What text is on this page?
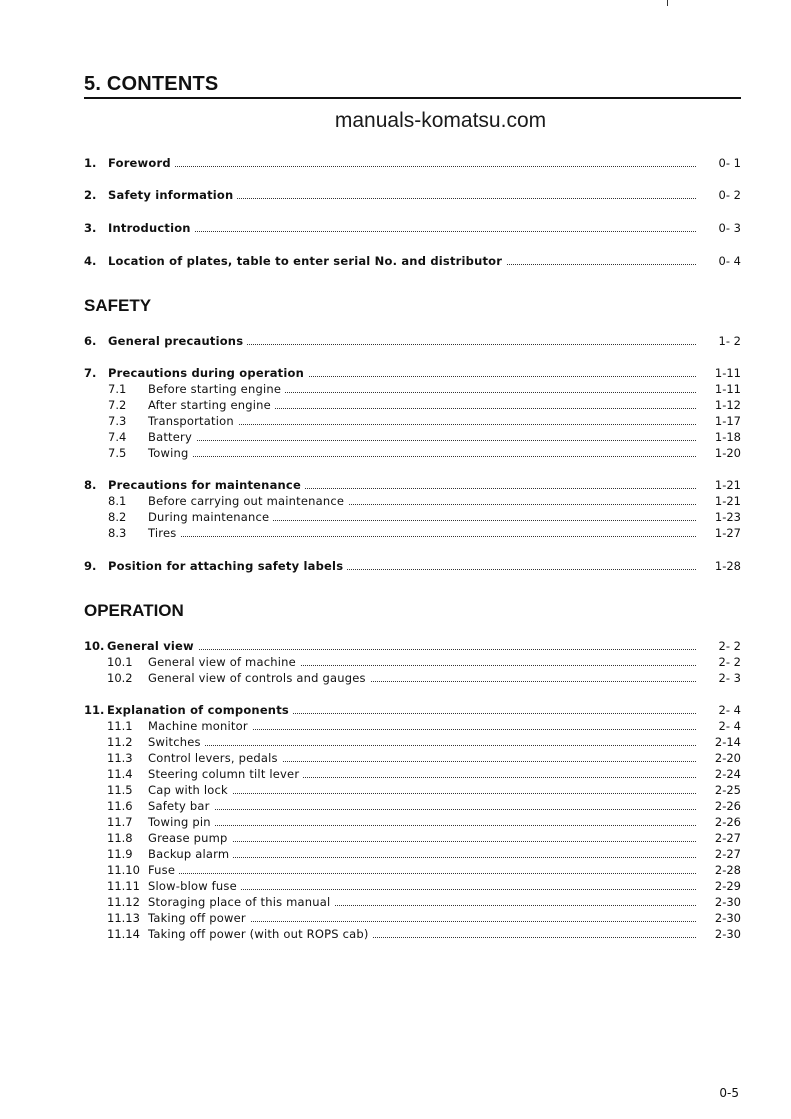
5. CONTENTS
manuals-komatsu.com
SAFETY
OPERATION
1. Foreword	0- 1
2. Safety information	0- 2
3. Introduction	0- 3
4. Location of plates, table to enter serial No. and distributor	0- 4
6. General precautions	1- 2
7. Precautions during operation	1-11
7.1 Before starting engine	1-11
7.2 After starting engine	1-12
7.3 Transportation	1-17
7.4 Battery	1-18
7.5 Towing	1-20
8. Precautions for maintenance	1-21
8.1 Before carrying out maintenance	1-21
8.2 During maintenance	1-23
8.3 Tires	1-27
9. Position for attaching safety labels	1-28
10. General view	2- 2
10.1 General view of machine	2- 2
10.2 General view of controls and gauges	2- 3
11. Explanation of components	2- 4
11.1 Machine monitor	2- 4
11.2 Switches	2-14
11.3 Control levers, pedals	2-20
11.4 Steering column tilt lever	2-24
11.5 Cap with lock	2-25
11.6 Safety bar	2-26
11.7 Towing pin	2-26
11.8 Grease pump	2-27
11.9 Backup alarm	2-27
11.10 Fuse	2-28
11.11 Slow-blow fuse	2-29
11.12 Storaging place of this manual	2-30
11.13 Taking off power	2-30
11.14 Taking off power (with out ROPS cab)	2-30
0-5
